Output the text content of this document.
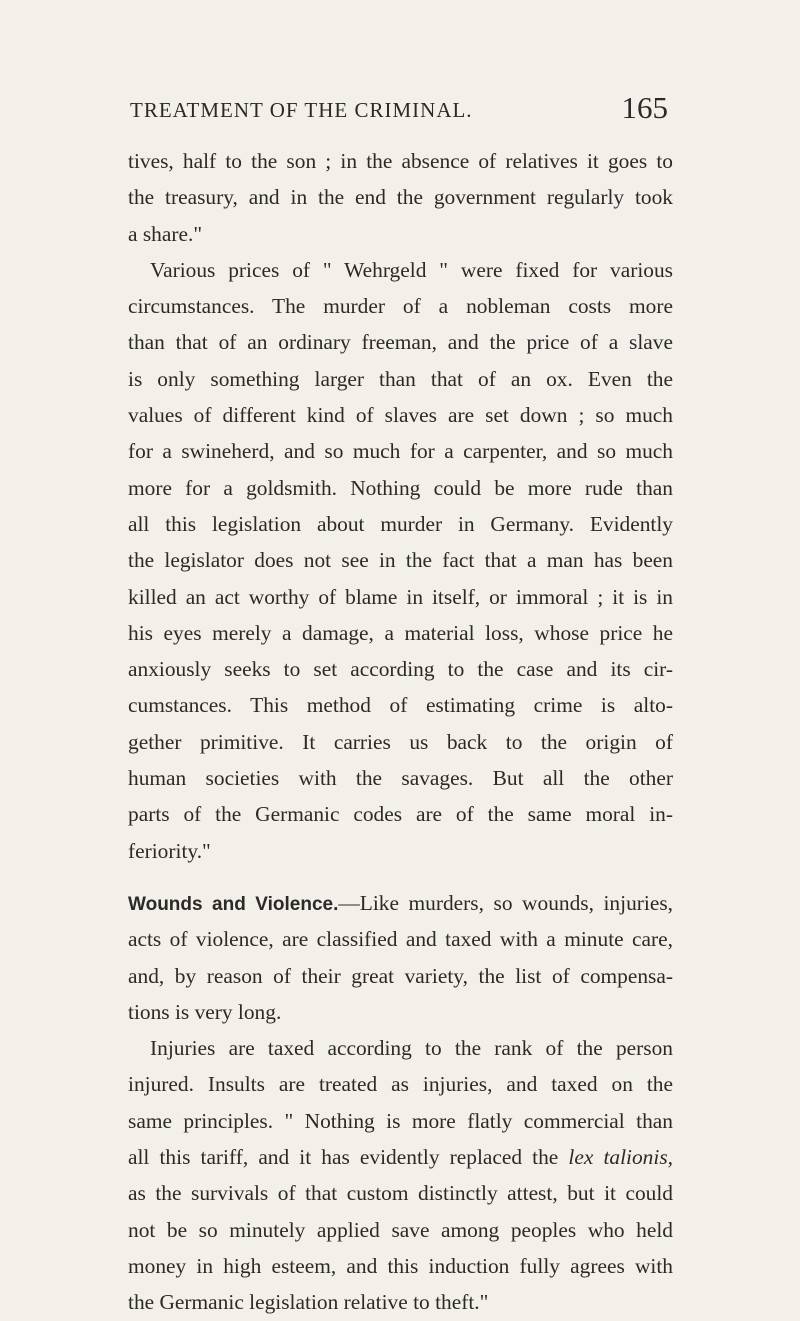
TREATMENT OF THE CRIMINAL.	165
tives, half to the son ; in the absence of relatives it goes to
the treasury, and in the end the government regularly took
a share."
Various prices of " Wehrgeld " were fixed for various
circumstances. The murder of a nobleman costs more
than that of an ordinary freeman, and the price of a slave
is only something larger than that of an ox. Even the
values of different kind of slaves are set down ; so much
for a swineherd, and so much for a carpenter, and so much
more for a goldsmith. Nothing could be more rude than
all this legislation about murder in Germany. Evidently
the legislator does not see in the fact that a man has been
killed an act worthy of blame in itself, or immoral ; it is in
his eyes merely a damage, a material loss, whose price he
anxiously seeks to set according to the case and its cir-
cumstances. This method of estimating crime is alto-
gether primitive. It carries us back to the origin of
human societies with the savages. But all the other
parts of the Germanic codes are of the same moral in-
feriority."
Wounds and Violence.—Like murders, so wounds, injuries,
acts of violence, are classified and taxed with a minute care,
and, by reason of their great variety, the list of compensa-
tions is very long.
Injuries are taxed according to the rank of the person
injured. Insults are treated as injuries, and taxed on the
same principles. " Nothing is more flatly commercial than
all this tariff, and it has evidently replaced the lex talionis,
as the survivals of that custom distinctly attest, but it could
not be so minutely applied save among peoples who held
money in high esteem, and this induction fully agrees with
the Germanic legislation relative to theft."
